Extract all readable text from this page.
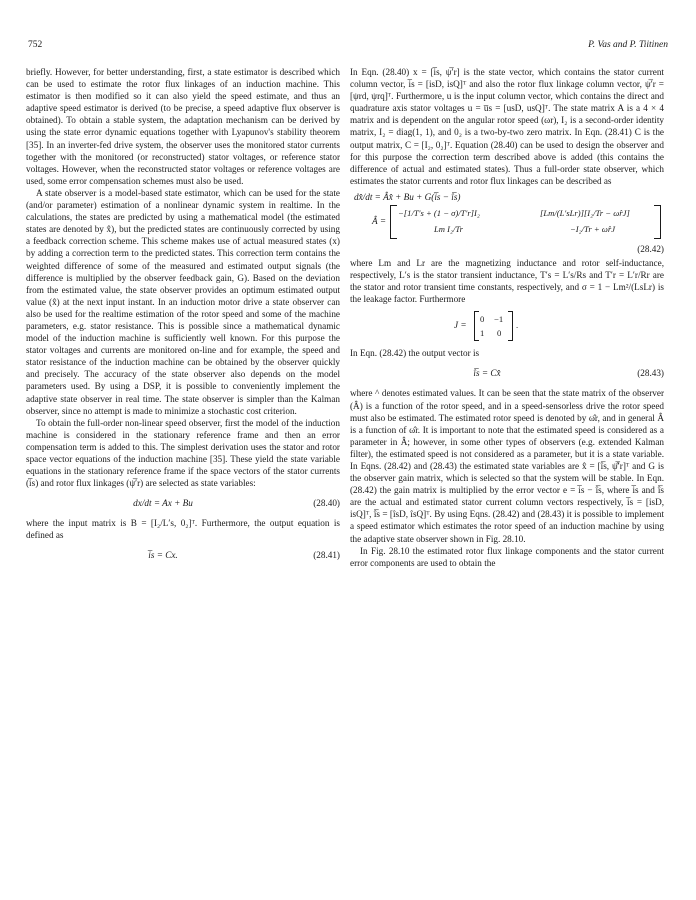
752	P. Vas and P. Tiitinen

briefly. However, for better understanding, first, a state estimator is described which can be used to estimate the rotor flux linkages of an induction machine. This estimator is then modified so it can also yield the speed estimate, and thus an adaptive speed estimator is derived (to be precise, a speed adaptive flux observer is obtained). To obtain a stable system, the adaptation mechanism can be derived by using the state error dynamic equations together with Lyapunov's stability theorem [35]. In an inverter-fed drive system, the observer uses the monitored stator currents together with the monitored (or reconstructed) stator voltages, or reference stator voltages. However, when the reconstructed stator voltages or reference voltages are used, some error compensation schemes must also be used.

A state observer is a model-based state estimator, which can be used for the state (and/or parameter) estimation of a nonlinear dynamic system in realtime. In the calculations, the states are predicted by using a mathematical model (the estimated states are denoted by x̂), but the predicted states are continuously corrected by using a feedback correction scheme. This scheme makes use of actual measured states (x) by adding a correction term to the predicted states. This correction term contains the weighted difference of some of the measured and estimated output signals (the difference is multiplied by the observer feedback gain, G). Based on the deviation from the estimated value, the state observer provides an optimum estimated output value (x̂) at the next input instant. In an induction motor drive a state observer can also be used for the realtime estimation of the rotor speed and some of the machine parameters, e.g. stator resistance. This is possible since a mathematical dynamic model of the induction machine is sufficiently well known. For this purpose the stator voltages and currents are monitored on-line and for example, the speed and stator resistance of the induction machine can be obtained by the observer quickly and precisely. The accuracy of the state observer also depends on the model parameters used. By using a DSP, it is possible to conveniently implement the adaptive state observer in real time. The state observer is simpler than the Kalman observer, since no attempt is made to minimize a stochastic cost criterion.

To obtain the full-order non-linear speed observer, first the model of the induction machine is considered in the stationary reference frame and then an error compensation term is added to this. The simplest derivation uses the stator and rotor space vector equations of the induction machine [35]. These yield the state variable equations in the stationary reference frame if the space vectors of the stator currents (i̅s) and rotor flux linkages (ψ̅′r) are selected as state variables:

dx/dt = Ax + Bu	(28.40)

where the input matrix is B = [I₂/L′s, 0₂]ᵀ. Furthermore, the output equation is defined as

i̅s = Cx.	(28.41)

In Eqn. (28.40) x = [i̅s, ψ̅′r] is the state vector, which contains the stator current column vector, i̅s = [isD, isQ]ᵀ and also the rotor flux linkage column vector, ψ̅′r = [ψrd, ψrq]ᵀ. Furthermore, u is the input column vector, which contains the direct and quadrature axis stator voltages u = u̅s = [usD, usQ]ᵀ. The state matrix A is a 4 × 4 matrix and is dependent on the angular rotor speed (ωr), I₂ is a second-order identity matrix, I₂ = diag(1, 1), and 0₂ is a two-by-two zero matrix. In Eqn. (28.41) C is the output matrix, C = [I₂, 0₂]ᵀ. Equation (28.40) can be used to design the observer and for this purpose the correction term described above is added (this contains the difference of actual and estimated states). Thus a full-order state observer, which estimates the stator currents and rotor flux linkages can be described as

dx̂/dt = Âx̂ + Bu + G(i̅s − î̅s)
Â =
−[1/T′s + (1 − σ)/T′r]I₂	[Lm/(L′sLr)][I₂/Tr − ω̂rJ]
Lm I₂/Tr	−I₂/Tr + ω̂rJ
(28.42)

where Lm and Lr are the magnetizing inductance and rotor self-inductance, respectively, L′s is the stator transient inductance, T′s = L′s/Rs and T′r = L′r/Rr are the stator and rotor transient time constants, respectively, and σ = 1 − Lm²/(LsLr) is the leakage factor. Furthermore

J =
0 −1
1 0
.

In Eqn. (28.42) the output vector is

î̅s = Cx̂	(28.43)

where ^ denotes estimated values. It can be seen that the state matrix of the observer (Â) is a function of the rotor speed, and in a speed-sensorless drive the rotor speed must also be estimated. The estimated rotor speed is denoted by ω̂r, and in general Â is a function of ω̂r. It is important to note that the estimated speed is considered as a parameter in Â; however, in some other types of observers (e.g. extended Kalman filter), the estimated speed is not considered as a parameter, but it is a state variable. In Eqns. (28.42) and (28.43) the estimated state variables are x̂ = [î̅s, ψ̂̅′r]ᵀ and G is the observer gain matrix, which is selected so that the system will be stable. In Eqn. (28.42) the gain matrix is multiplied by the error vector e = i̅s − î̅s, where i̅s and î̅s are the actual and estimated stator current column vectors respectively, i̅s = [isD, isQ]ᵀ, î̅s = [îsD, îsQ]ᵀ. By using Eqns. (28.42) and (28.43) it is possible to implement a speed estimator which estimates the rotor speed of an induction machine by using the adaptive state observer shown in Fig. 28.10.

In Fig. 28.10 the estimated rotor flux linkage components and the stator current error components are used to obtain the
